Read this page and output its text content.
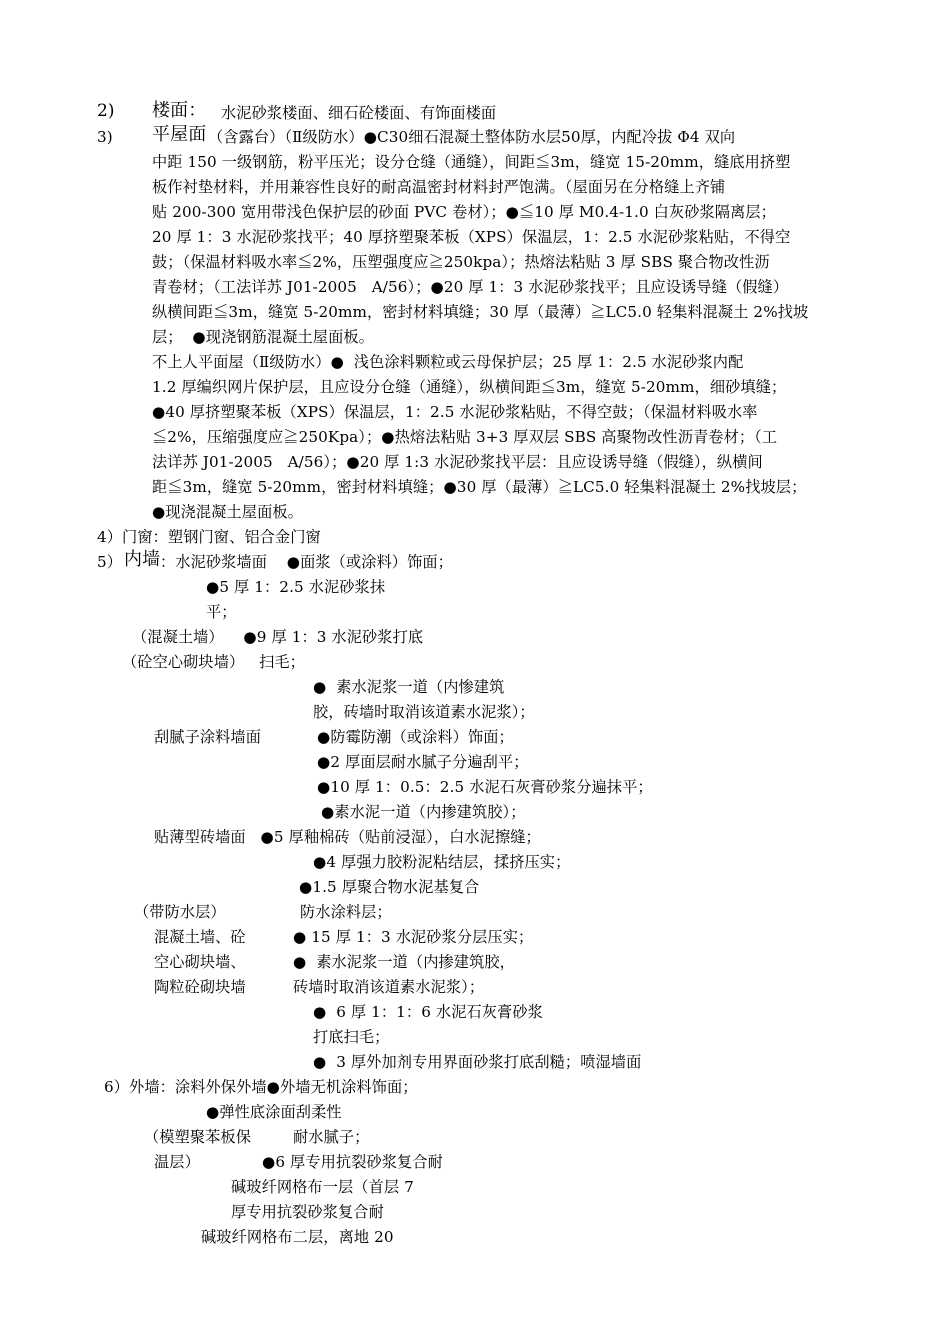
2) 楼面： 水泥砂浆楼面、细石砼楼面、有饰面楼面
3) 平屋面 （含露台）（Ⅱ级防水）●C30细石混凝土整体防水层50厚，内配冷拔 Φ4 双向
中距 150 一级钢筋，粉平压光；设分仓缝（通缝），间距≦3m，缝宽 15-20mm，缝底用挤塑
板作衬垫材料，并用兼容性良好的耐高温密封材料封严饱满。（屋面另在分格缝上齐铺
贴 200-300 宽用带浅色保护层的砂面 PVC 卷材）；●≦10 厚 M0.4-1.0 白灰砂浆隔离层；
20 厚 1：3 水泥砂浆找平；40 厚挤塑聚苯板（XPS）保温层，1：2.5 水泥砂浆粘贴，不得空
鼓；（保温材料吸水率≦2%，压塑强度应≧250kpa）；热熔法粘贴 3 厚 SBS 聚合物改性沥
青卷材；（工法详苏 J01-2005   A/56）；●20 厚 1：3 水泥砂浆找平；且应设诱导缝（假缝）
纵横间距≦3m，缝宽 5-20mm，密封材料填缝；30 厚（最薄）≧LC5.0 轻集料混凝土 2%找坡
层；  ●现浇钢筋混凝土屋面板。
不上人平面屋（Ⅱ级防水）●  浅色涂料颗粒或云母保护层；25 厚 1：2.5 水泥砂浆内配
1.2 厚编织网片保护层，且应设分仓缝（通缝），纵横间距≦3m，缝宽 5-20mm，细砂填缝；
●40 厚挤塑聚苯板（XPS）保温层，1：2.5 水泥砂浆粘贴，不得空鼓；（保温材料吸水率
≦2%，压缩强度应≧250Kpa）；●热熔法粘贴 3+3 厚双层 SBS 高聚物改性沥青卷材；（工
法详苏 J01-2005   A/56）；●20 厚 1:3 水泥砂浆找平层：且应设诱导缝（假缝），纵横间
距≦3m，缝宽 5-20mm，密封材料填缝；●30 厚（最薄）≧LC5.0 轻集料混凝土 2%找坡层；
●现浇混凝土屋面板。
4）门窗：塑钢门窗、铝合金门窗
5） 内墙 ：水泥砂浆墙面    ●面浆（或涂料）饰面；
●5 厚 1：2.5 水泥砂浆抹
平；
（混凝土墙）    ●9 厚 1：3 水泥砂浆打底
（砼空心砌块墙）   扫毛；
●  素水泥浆一道（内惨建筑
胶，砖墙时取消该道素水泥浆）；
刮腻子涂料墙面	●防霉防潮（或涂料）饰面；
●2 厚面层耐水腻子分遍刮平；
●10 厚 1：0.5：2.5 水泥石灰膏砂浆分遍抹平；
●素水泥一道（内掺建筑胶）；
贴薄型砖墙面   ●5 厚釉棉砖（贴前浸湿），白水泥擦缝；
●4 厚强力胶粉泥粘结层，揉挤压实；
●1.5 厚聚合物水泥基复合
（带防水层）	防水涂料层；
混凝土墙、砼	● 15 厚 1：3 水泥砂浆分层压实；
空心砌块墙、	●  素水泥浆一道（内掺建筑胶，
陶粒砼砌块墙	砖墙时取消该道素水泥浆）；
●  6 厚 1：1：6 水泥石灰膏砂浆
打底扫毛；
●  3 厚外加剂专用界面砂浆打底刮糙；喷湿墙面
6）外墙：涂料外保外墙●外墙无机涂料饰面；
●弹性底涂面刮柔性
（模塑聚苯板保	耐水腻子；
温层）	●6 厚专用抗裂砂浆复合耐
碱玻纤网格布一层（首层 7
厚专用抗裂砂浆复合耐
碱玻纤网格布二层，离地 20
